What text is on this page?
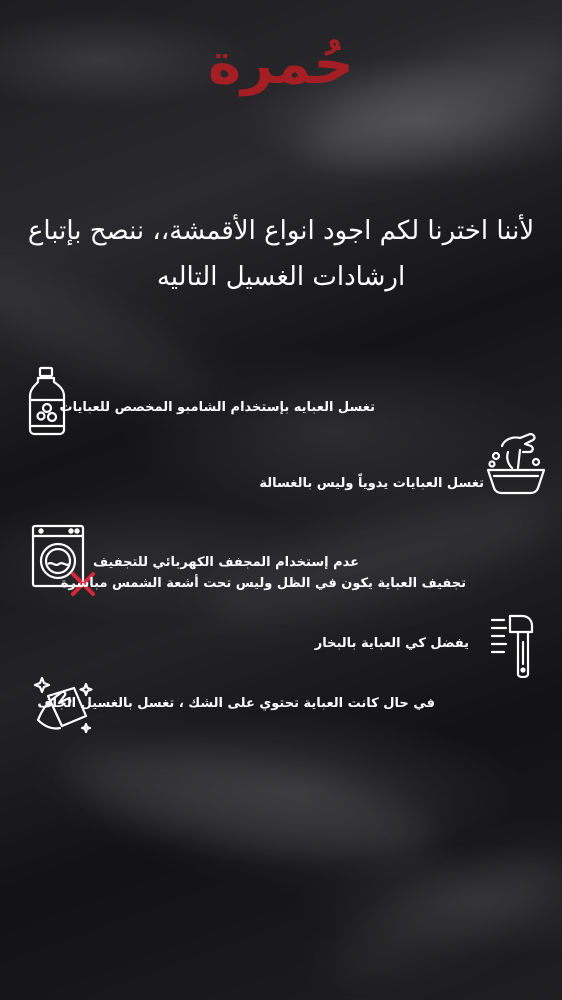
حُمرة
لأننا اخترنا لكم اجود انواع الأقمشة،، ننصح بإتباع
ارشادات الغسيل التاليه
تغسل العبايه بإستخدام الشامبو المخصص للعبايات
تغسل العبايات يدوياً وليس بالغسالة
عدم إستخدام المجفف الكهربائي للتجفيف
تجفيف العباية يكون في الظل وليس تحت أشعة الشمس مباشرة
يفضل كي العباية بالبخار
في حال كانت العباية تحتوي على الشك ، تغسل بالغسيل الجاف
